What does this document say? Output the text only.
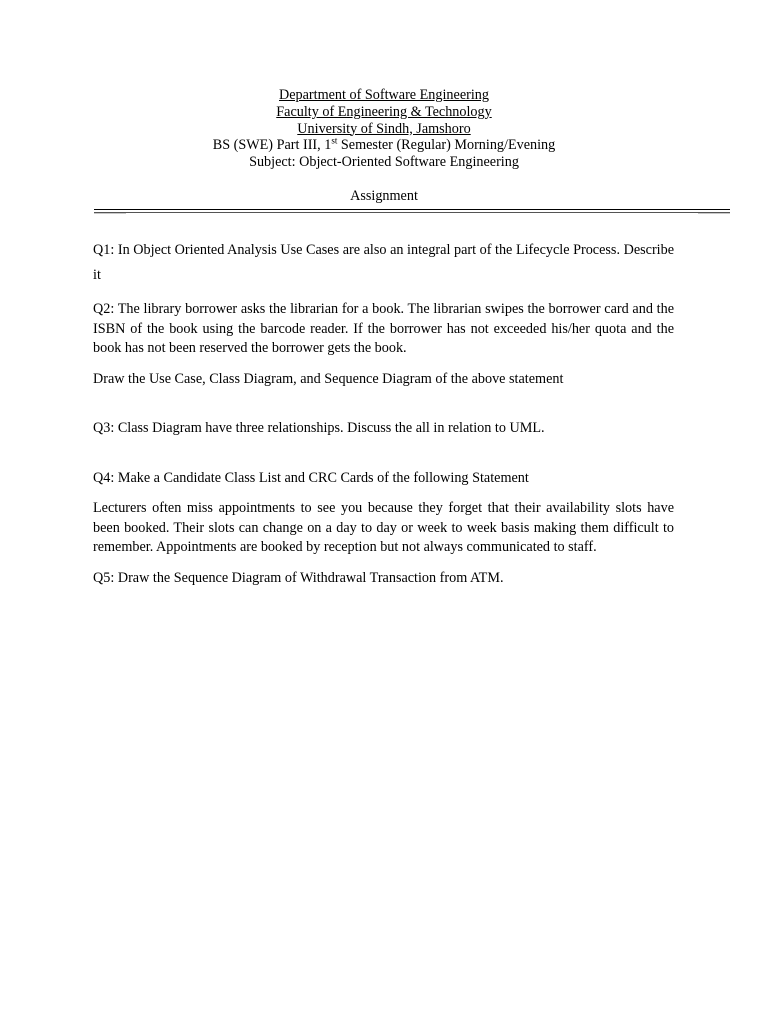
Department of Software Engineering
Faculty of Engineering & Technology
University of Sindh, Jamshoro
BS (SWE) Part III, 1st Semester (Regular) Morning/Evening
Subject: Object-Oriented Software Engineering
Assignment

Q1: In Object Oriented Analysis Use Cases are also an integral part of the Lifecycle Process. Describe it

Q2: The library borrower asks the librarian for a book. The librarian swipes the borrower card and the ISBN of the book using the barcode reader. If the borrower has not exceeded his/her quota and the book has not been reserved the borrower gets the book.

Draw the Use Case, Class Diagram, and Sequence Diagram of the above statement

Q3: Class Diagram have three relationships. Discuss the all in relation to UML.

Q4: Make a Candidate Class List and CRC Cards of the following Statement

Lecturers often miss appointments to see you because they forget that their availability slots have been booked. Their slots can change on a day to day or week to week basis making them difficult to remember. Appointments are booked by reception but not always communicated to staff.

Q5: Draw the Sequence Diagram of Withdrawal Transaction from ATM.
